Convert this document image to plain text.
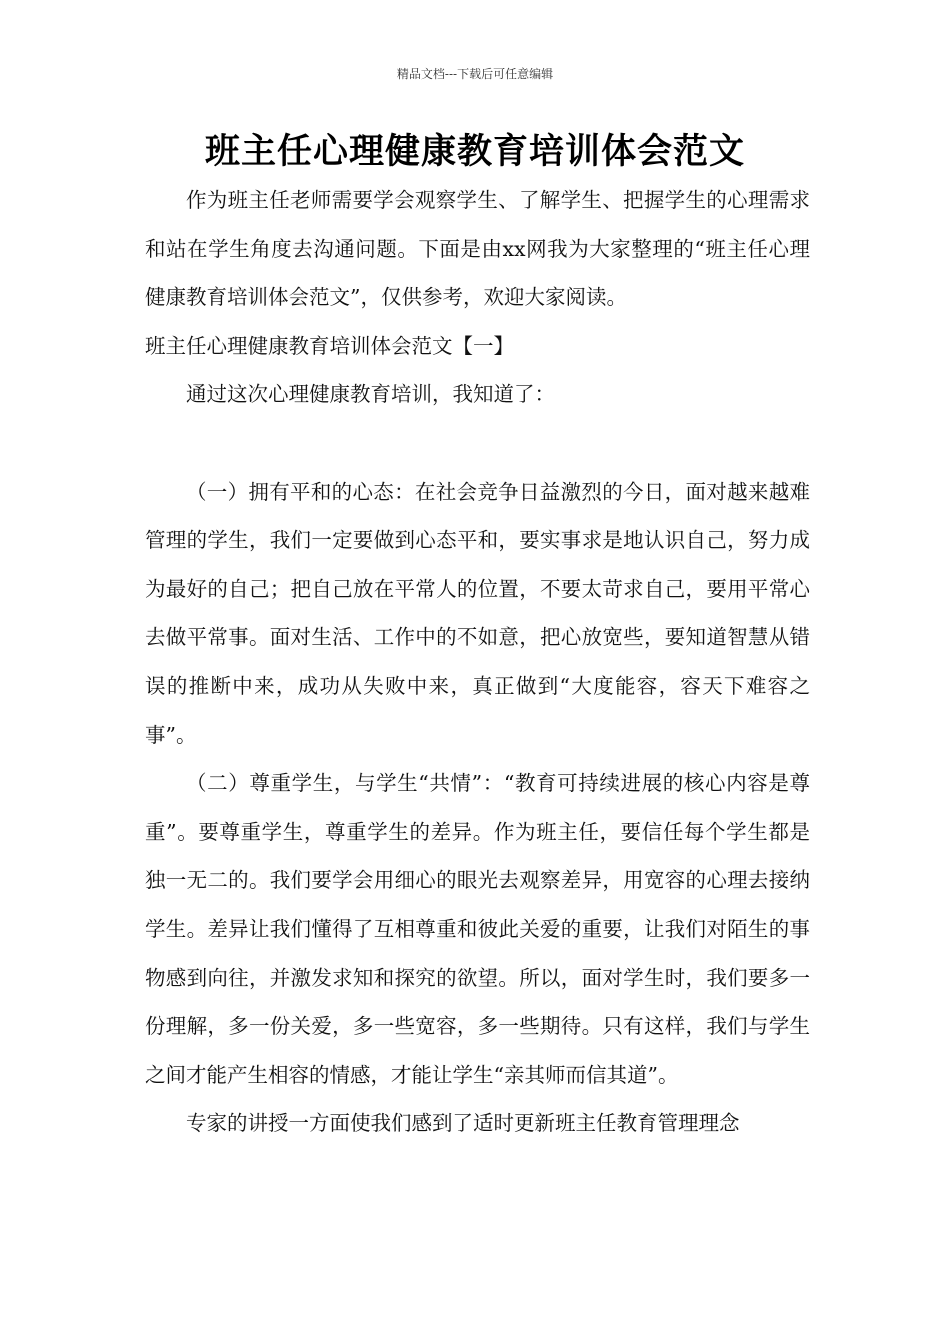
精品文档---下载后可任意编辑
班主任心理健康教育培训体会范文

作为班主任老师需要学会观察学生、了解学生、把握学生的心理需求和站在学生角度去沟通问题。下面是由xx网我为大家整理的“班主任心理健康教育培训体会范文”，仅供参考，欢迎大家阅读。

班主任心理健康教育培训体会范文【一】

通过这次心理健康教育培训，我知道了：

（一）拥有平和的心态：在社会竞争日益激烈的今日，面对越来越难管理的学生，我们一定要做到心态平和，要实事求是地认识自己，努力成为最好的自己；把自己放在平常人的位置，不要太苛求自己，要用平常心去做平常事。面对生活、工作中的不如意，把心放宽些，要知道智慧从错误的推断中来，成功从失败中来，真正做到“大度能容，容天下难容之事”。

（二）尊重学生，与学生“共情”：“教育可持续进展的核心内容是尊重”。要尊重学生，尊重学生的差异。作为班主任，要信任每个学生都是独一无二的。我们要学会用细心的眼光去观察差异，用宽容的心理去接纳学生。差异让我们懂得了互相尊重和彼此关爱的重要，让我们对陌生的事物感到向往，并激发求知和探究的欲望。所以，面对学生时，我们要多一份理解，多一份关爱，多一些宽容，多一些期待。只有这样，我们与学生之间才能产生相容的情感，才能让学生“亲其师而信其道”。

专家的讲授一方面使我们感到了适时更新班主任教育管理理念
